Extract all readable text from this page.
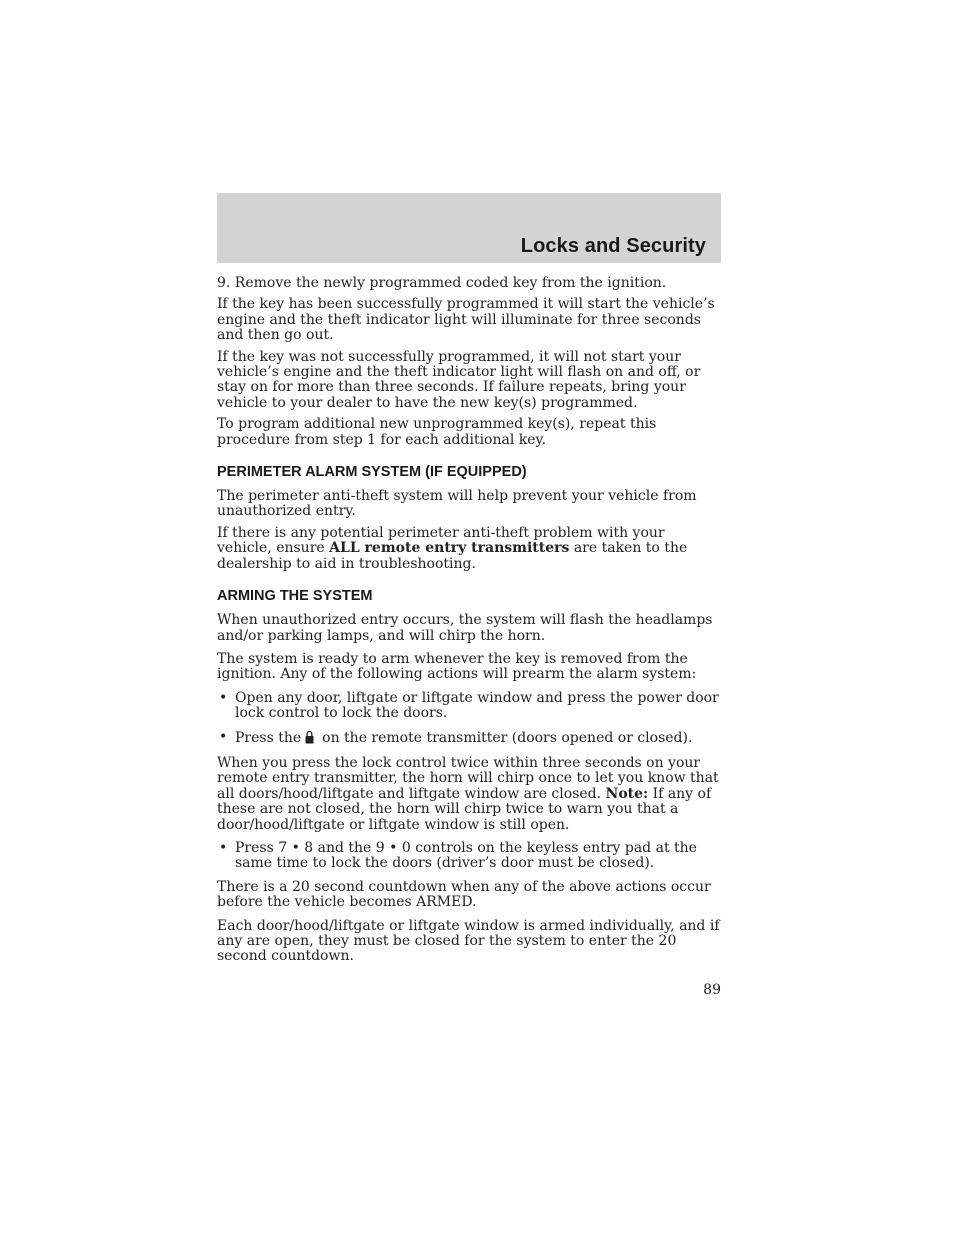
Locks and Security

9. Remove the newly programmed coded key from the ignition.

If the key has been successfully programmed it will start the vehicle’s engine and the theft indicator light will illuminate for three seconds and then go out.

If the key was not successfully programmed, it will not start your vehicle’s engine and the theft indicator light will flash on and off, or stay on for more than three seconds. If failure repeats, bring your vehicle to your dealer to have the new key(s) programmed.

To program additional new unprogrammed key(s), repeat this procedure from step 1 for each additional key.

PERIMETER ALARM SYSTEM (IF EQUIPPED)

The perimeter anti-theft system will help prevent your vehicle from unauthorized entry.

If there is any potential perimeter anti-theft problem with your vehicle, ensure ALL remote entry transmitters are taken to the dealership to aid in troubleshooting.

ARMING THE SYSTEM

When unauthorized entry occurs, the system will flash the headlamps and/or parking lamps, and will chirp the horn.

The system is ready to arm whenever the key is removed from the ignition. Any of the following actions will prearm the alarm system:

• Open any door, liftgate or liftgate window and press the power door lock control to lock the doors.
• Press the on the remote transmitter (doors opened or closed).

When you press the lock control twice within three seconds on your remote entry transmitter, the horn will chirp once to let you know that all doors/hood/liftgate and liftgate window are closed. Note: If any of these are not closed, the horn will chirp twice to warn you that a door/hood/liftgate or liftgate window is still open.

• Press 7 • 8 and the 9 • 0 controls on the keyless entry pad at the same time to lock the doors (driver’s door must be closed).

There is a 20 second countdown when any of the above actions occur before the vehicle becomes ARMED.

Each door/hood/liftgate or liftgate window is armed individually, and if any are open, they must be closed for the system to enter the 20 second countdown.

89
